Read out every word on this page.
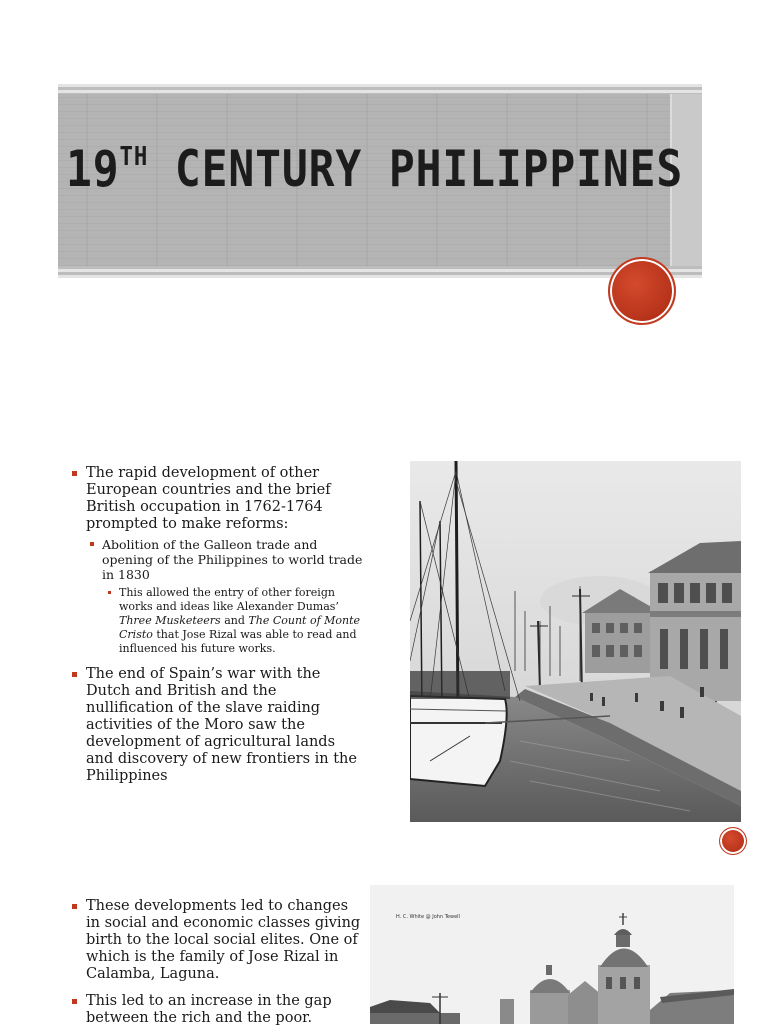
19TH CENTURY PHILIPPINES
The rapid development of other European countries and the brief British occupation in 1762-1764 prompted to make reforms:
Abolition of the Galleon trade and opening of the Philippines to world trade in 1830
This allowed the entry of other foreign works and ideas like Alexander Dumas’ Three Musketeers and The Count of Monte Cristo that Jose Rizal was able to read and influenced his future works.
The end of Spain’s war with the Dutch and British and the nullification of the slave raiding activities of the Moro saw the development of agricultural lands and discovery of new frontiers in the Philippines
These developments led to changes in social and economic classes giving birth to the local social elites. One of which is the family of Jose Rizal in Calamba, Laguna.
This led to an increase in the gap between the rich and the poor.
H. C. White @ John Tewell
